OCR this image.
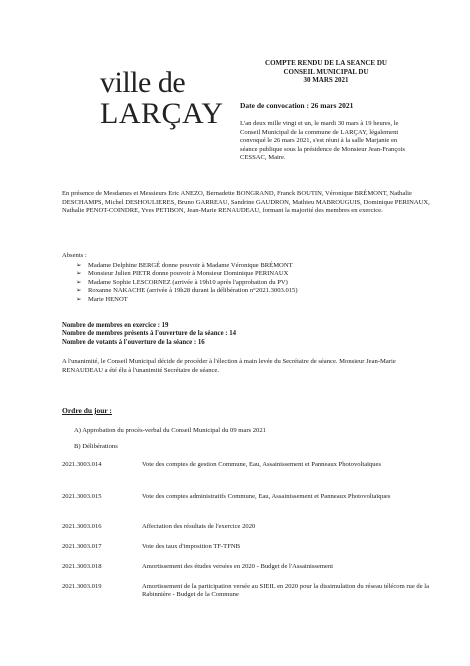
ville de
LARÇAY
COMPTE RENDU DE LA SEANCE DU
CONSEIL MUNICIPAL DU
30 MARS 2021
Date de convocation : 26 mars 2021
L'an deux mille vingt et un, le mardi 30 mars à 19 heures, le Conseil Municipal de la commune de LARÇAY, légalement convoqué le 26 mars 2021, s'est réuni à la salle Marjanie en séance publique sous la présidence de Monsieur Jean-François CESSAC, Maire.
En présence de Mesdames et Messieurs Eric ANEZO, Bernadette BONGRAND, Franck BOUTIN, Véronique BRÉMONT, Nathalie DESCHAMPS, Michel DESHOULIERES, Bruno GARREAU, Sandrine GAUDRON, Mathieu MABROUGUIS, Dominique PERINAUX, Nathalie PENOT-COINDRE, Yves PETIBON, Jean-Marie RENAUDEAU, formant la majorité des membres en exercice.
Absents :
➢ Madame Delphine BERGÉ donne pouvoir à Madame Véronique BRÉMONT
➢ Monsieur Julien PIETR donne pouvoir à Monsieur Dominique PERINAUX
➢ Madame Sophie LESCORNEZ (arrivée à 19h10 après l'approbation du PV)
➢ Roxanne NAKACHE (arrivée à 19h28 durant la délibération n°2021.3003.015)
➢ Marie HENOT
Nombre de membres en exercice : 19
Nombre de membres présents à l'ouverture de la séance : 14
Nombre de votants à l'ouverture de la séance : 16
A l'unanimité, le Conseil Municipal décide de procéder à l'élection à main levée du Secrétaire de séance. Monsieur Jean-Marie RENAUDEAU a été élu à l'unanimité Secrétaire de séance.
Ordre du jour :
A) Approbation du procès-verbal du Conseil Municipal du 09 mars 2021
B) Délibérations
2021.3003.014	Vote des comptes de gestion Commune, Eau, Assainissement et Panneaux Photovoltaïques
2021.3003.015	Vote des comptes administratifs Commune, Eau, Assainissement et Panneaux Photovoltaïques
2021.3003.016	Affectation des résultats de l'exercice 2020
2021.3003.017	Vote des taux d'imposition TF-TFNB
2021.3003.018	Amortissement des études versées en 2020 - Budget de l'Assainissement
2021.3003.019	Amortissement de la participation versée au SIEIL en 2020 pour la dissimulation du réseau télécom rue de la Rabinnière - Budget de la Commune
